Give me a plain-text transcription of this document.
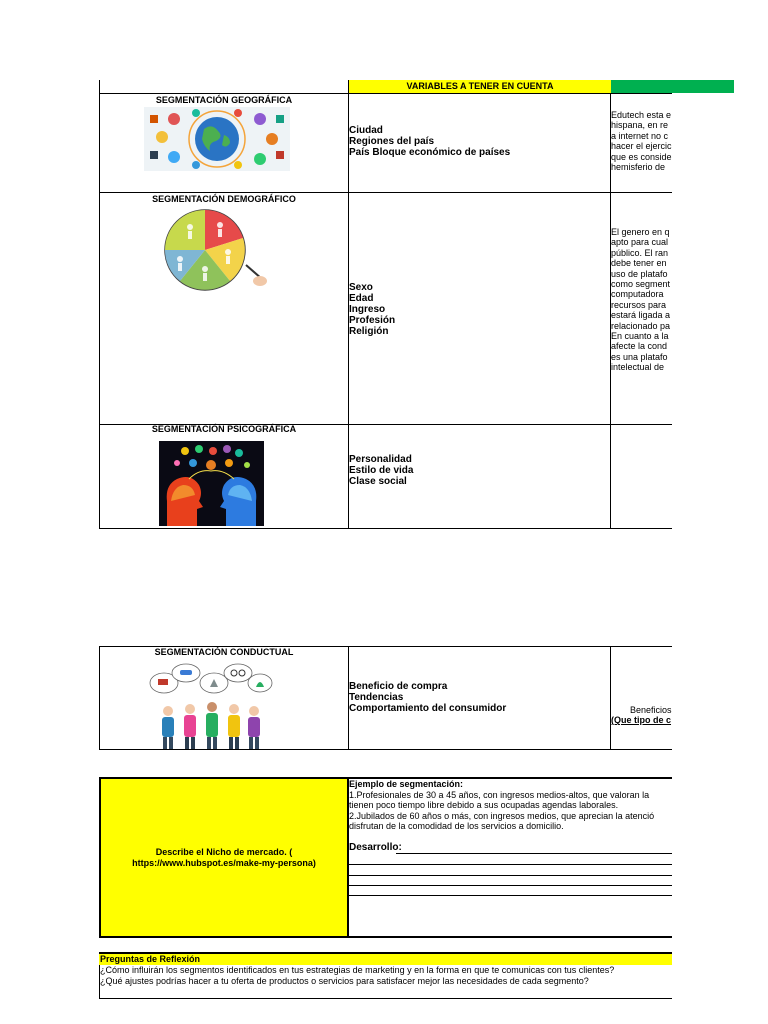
VARIABLES A TENER EN CUENTA
SEGMENTACIÓN GEOGRÁFICA
Ciudad
Regiones del país
País Bloque económico de países
Edutech esta e
hispana, en re
a internet no c
hacer el ejercic
que es conside
hemisferio de
SEGMENTACIÓN DEMOGRÁFICO
Sexo
Edad
Ingreso
Profesión
Religión
El genero en q
apto para cual
público. El ran
debe tener en
uso de platafo
como segment
computadora
recursos para
estará ligada a
relacionado pa
En cuanto a la
afecte la cond
es una platafo
intelectual de
SEGMENTACIÓN PSICOGRÁFICA
Personalidad
Estilo de vida
Clase social
SEGMENTACIÓN CONDUCTUAL
Beneficio de compra
Tendencias
Comportamiento del consumidor	Beneficios
(Que tipo de c
Describe el Nicho de mercado. ( https://www.hubspot.es/make-my-persona)
Ejemplo de segmentación:
1.Profesionales de 30 a 45 años, con ingresos medios-altos, que valoran la
tienen poco tiempo libre debido a sus ocupadas agendas laborales.
2.Jubilados de 60 años o más, con ingresos medios, que aprecian la atenció
disfrutan de la comodidad de los servicios a domicilio.
Desarrollo:
Preguntas de Reflexión
¿Cómo influirán los segmentos identificados en tus estrategias de marketing y en la forma en que te comunicas con tus clientes?
¿Qué ajustes podrías hacer a tu oferta de productos o servicios para satisfacer mejor las necesidades de cada segmento?
